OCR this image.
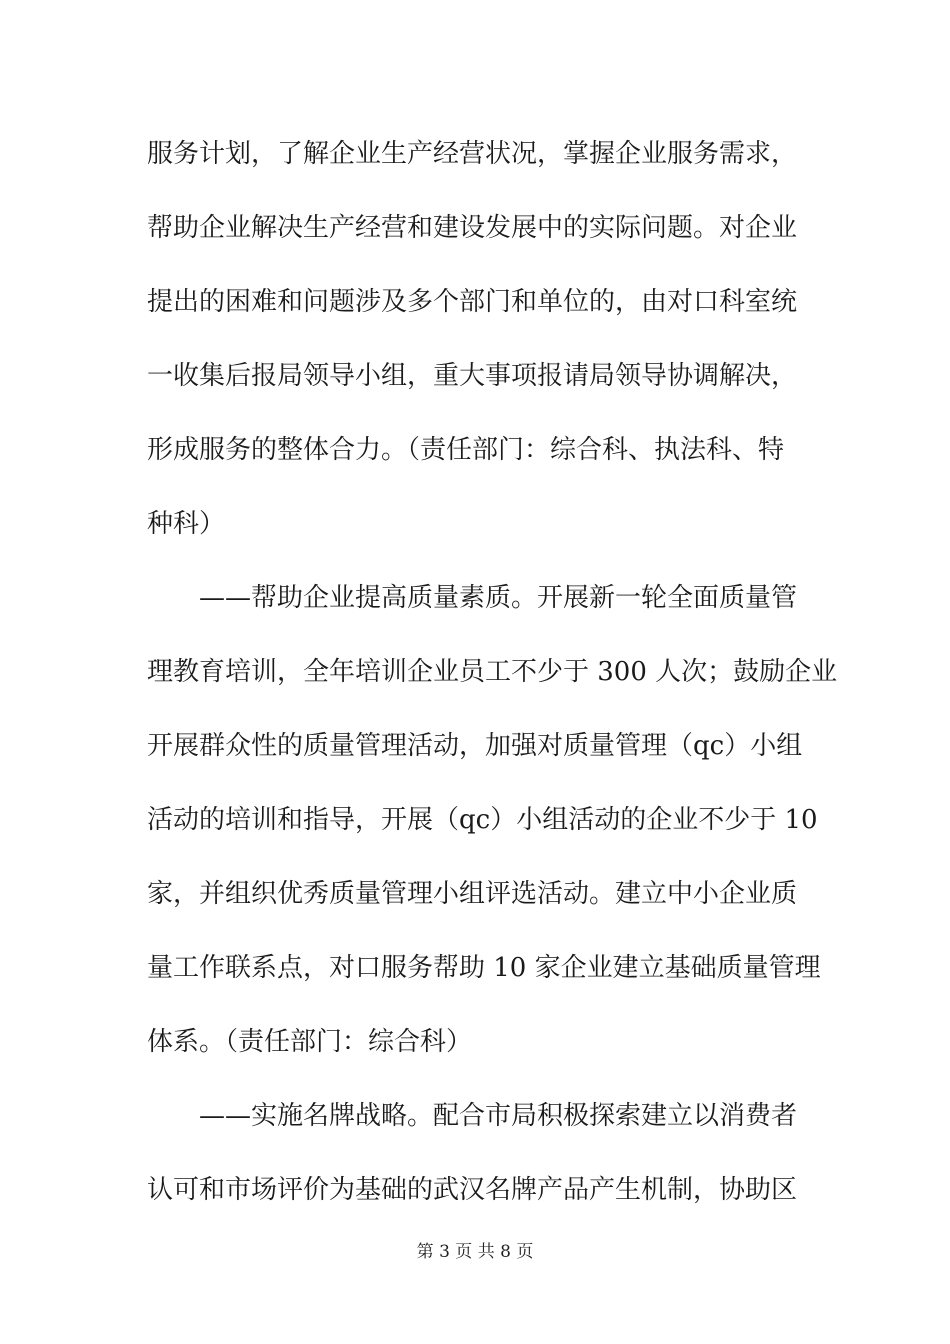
服务计划，了解企业生产经营状况，掌握企业服务需求，
帮助企业解决生产经营和建设发展中的实际问题。对企业
提出的困难和问题涉及多个部门和单位的，由对口科室统
一收集后报局领导小组，重大事项报请局领导协调解决，
形成服务的整体合力。（责任部门：综合科、执法科、特
种科）
——帮助企业提高质量素质。开展新一轮全面质量管
理教育培训，全年培训企业员工不少于 300 人次；鼓励企业
开展群众性的质量管理活动，加强对质量管理（qc）小组
活动的培训和指导，开展（qc）小组活动的企业不少于 10
家，并组织优秀质量管理小组评选活动。建立中小企业质
量工作联系点，对口服务帮助 10 家企业建立基础质量管理
体系。（责任部门：综合科）
——实施名牌战略。配合市局积极探索建立以消费者
认可和市场评价为基础的武汉名牌产品产生机制，协助区
第 3 页 共 8 页
